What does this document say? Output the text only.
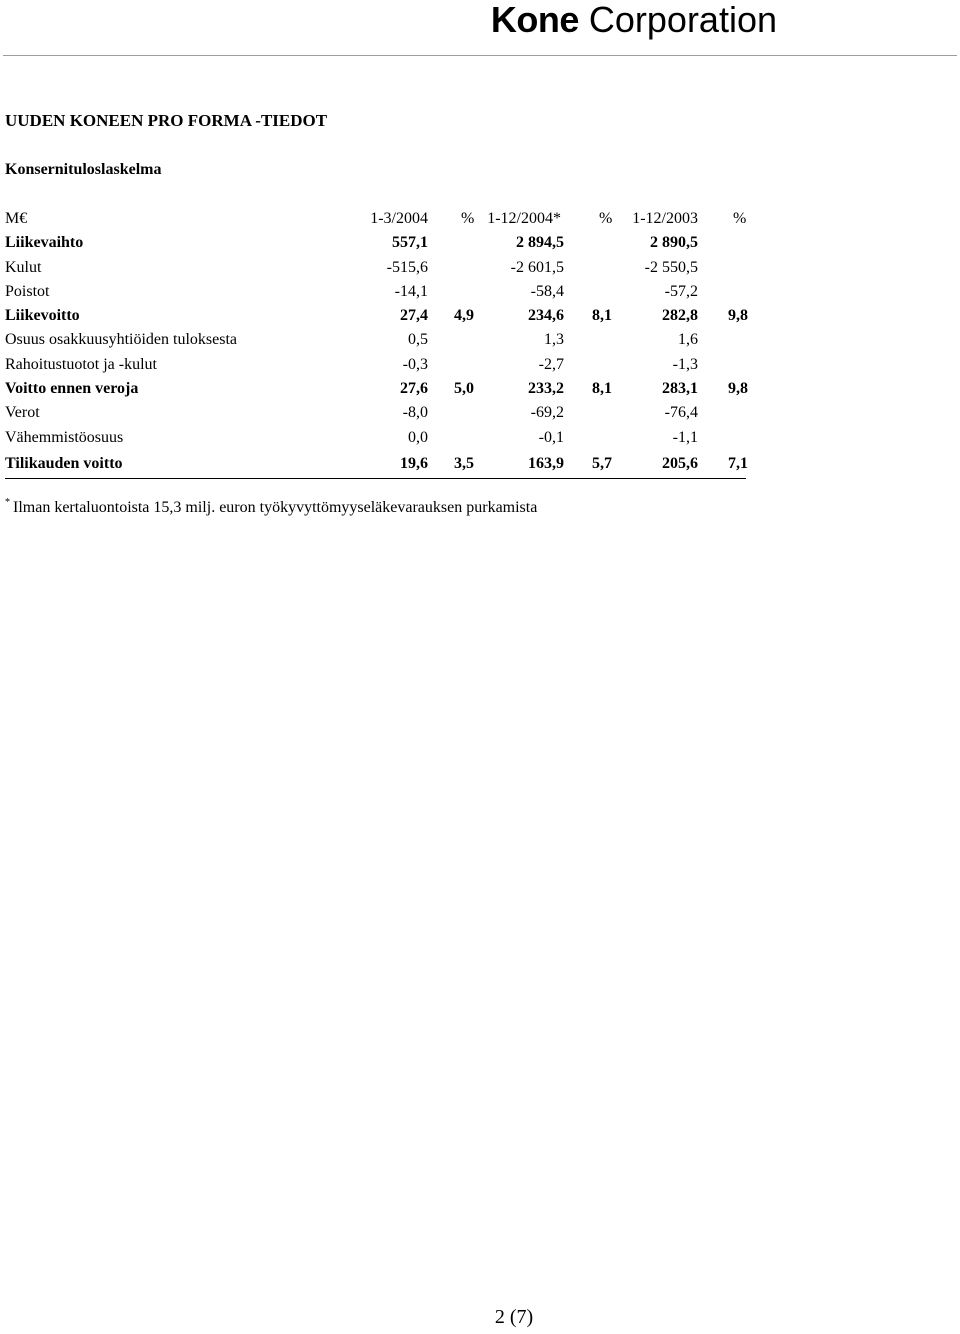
Kone Corporation
UUDEN KONEEN PRO FORMA -TIEDOT
Konsernituloslaskelma
M€	1-3/2004 % 1-12/2004* % 1-12/2003 %
Liikevaihto	557,1	2 894,5	2 890,5
Kulut	-515,6	-2 601,5	-2 550,5
Poistot	-14,1	-58,4	-57,2
Liikevoitto	27,4 4,9	234,6 8,1	282,8 9,8
Osuus osakkuusyhtiöiden tuloksesta	0,5	1,3	1,6
Rahoitustuotot ja -kulut	-0,3	-2,7	-1,3
Voitto ennen veroja	27,6 5,0	233,2 8,1	283,1 9,8
Verot	-8,0	-69,2	-76,4
Vähemmistöosuus	0,0	-0,1	-1,1
Tilikauden voitto	19,6 3,5	163,9 5,7	205,6 7,1
* Ilman kertaluontoista 15,3 milj. euron työkyvyttömyyseläkevarauksen purkamista
2 (7)
